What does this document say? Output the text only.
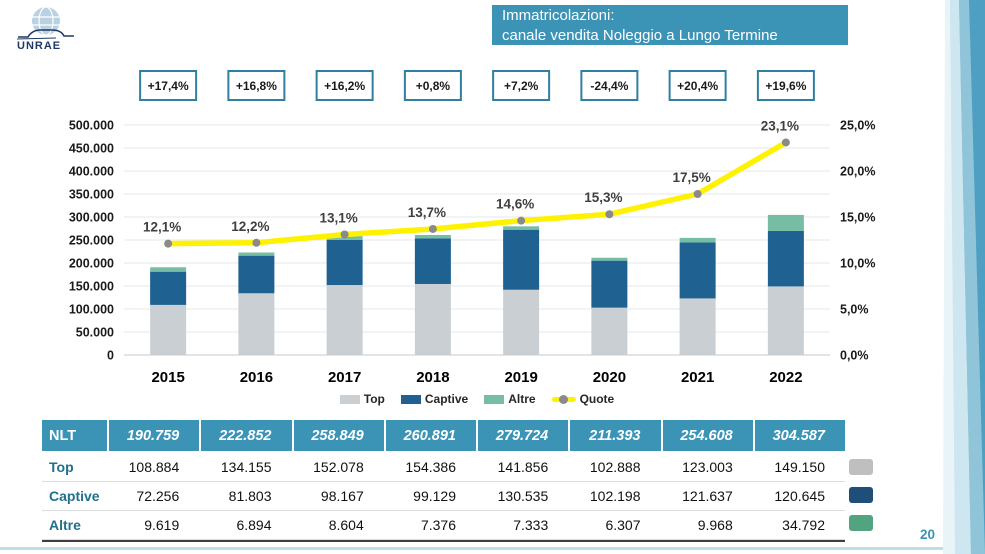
UNRAE
Immatricolazioni:
canale vendita Noleggio a Lungo Termine
0
50.000
100.000
150.000
200.000
250.000
300.000
350.000
400.000
450.000
500.000
0,0%
5,0%
10,0%
15,0%
20,0%
25,0%
2015
+17,4%
2016
+16,8%
2017
+16,2%
2018
+0,8%
2019
+7,2%
2020
-24,4%
2021
+20,4%
2022
+19,6%
12,1%	12,2%
13,1%	13,7%
14,6%	15,3%
17,5%
23,1%
Top	Captive	Altre	Quote
NLT	190.759	222.852	258.849	260.891	279.724	211.393	254.608	304.587
Top	108.884	134.155	152.078	154.386	141.856	102.888	123.003	149.150
Captive	72.256	81.803	98.167	99.129	130.535	102.198	121.637	120.645
Altre	9.619	6.894	8.604	7.376	7.333	6.307	9.968	34.792
20
